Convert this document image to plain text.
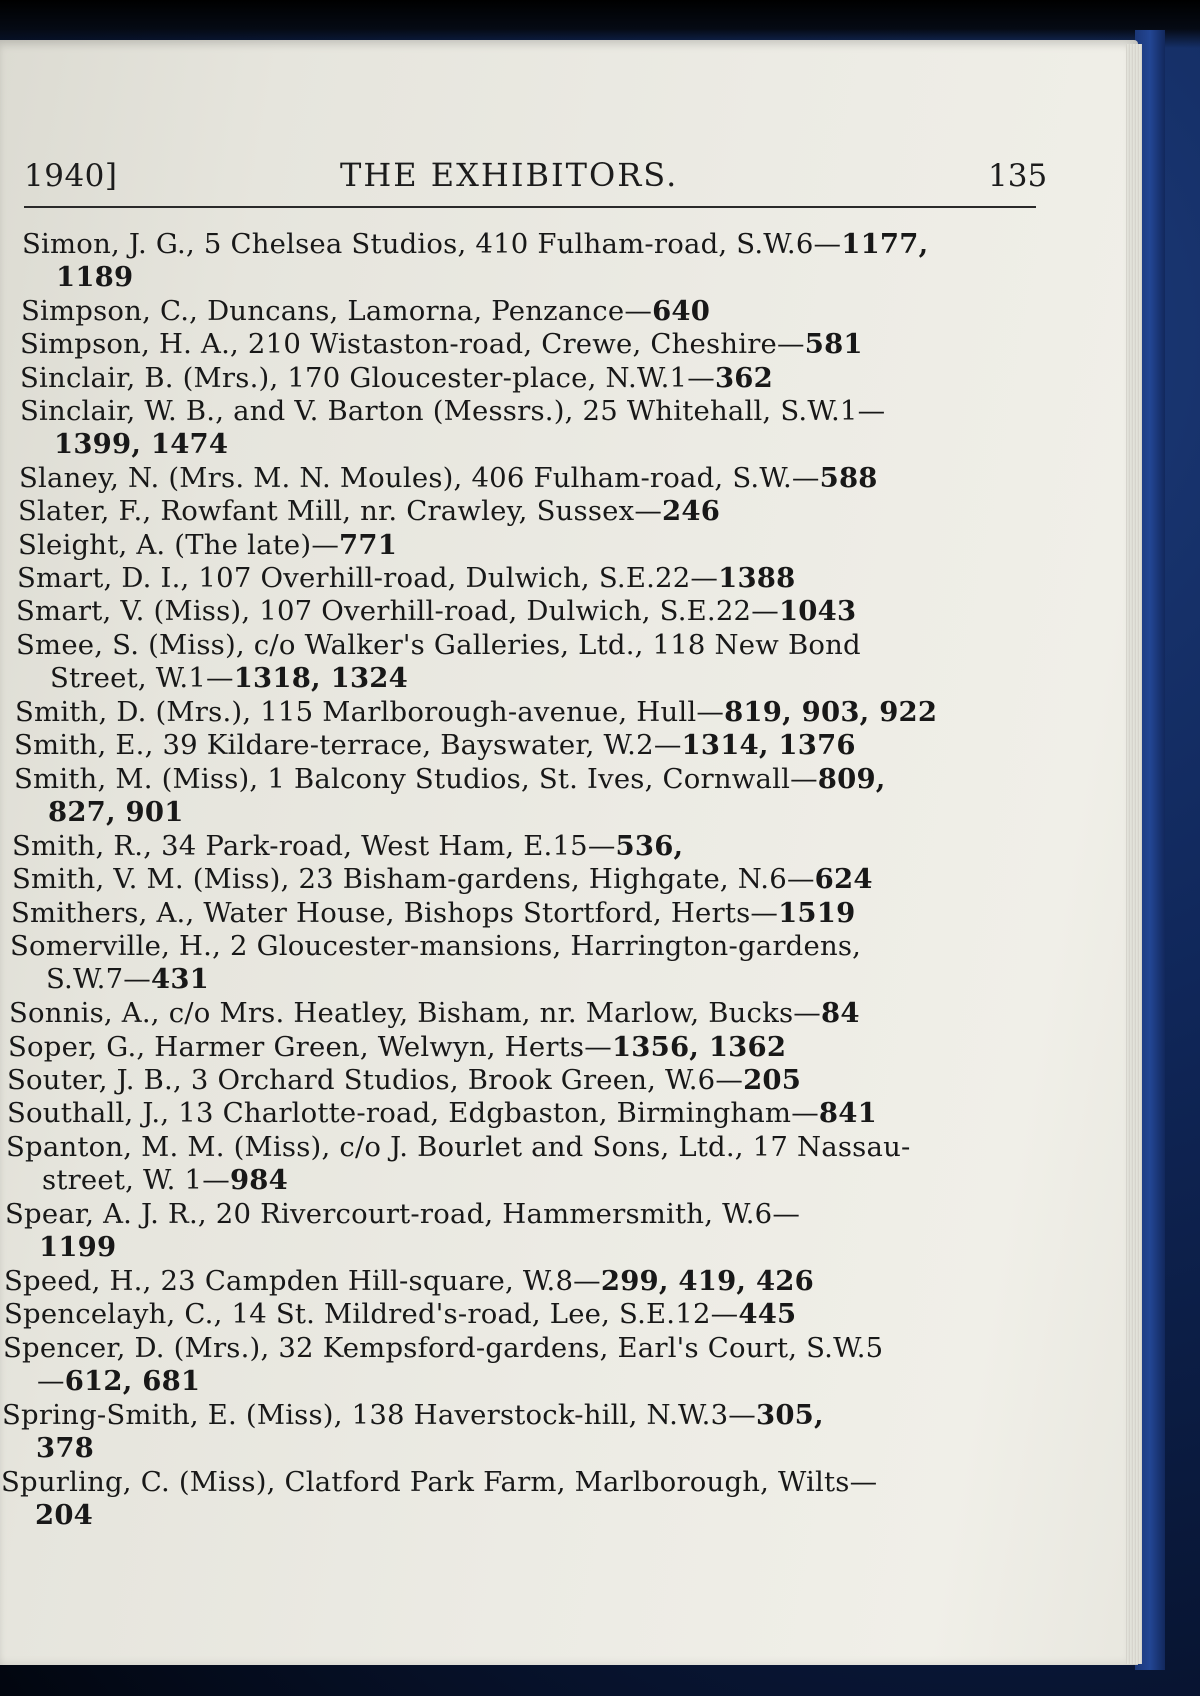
1940]	THE EXHIBITORS.	135
Simon, J. G., 5 Chelsea Studios, 410 Fulham-road, S.W.6—1177,
1189
Simpson, C., Duncans, Lamorna, Penzance—640
Simpson, H. A., 210 Wistaston-road, Crewe, Cheshire—581
Sinclair, B. (Mrs.), 170 Gloucester-place, N.W.1—362
Sinclair, W. B., and V. Barton (Messrs.), 25 Whitehall, S.W.1—
1399, 1474
Slaney, N. (Mrs. M. N. Moules), 406 Fulham-road, S.W.—588
Slater, F., Rowfant Mill, nr. Crawley, Sussex—246
Sleight, A. (The late)—771
Smart, D. I., 107 Overhill-road, Dulwich, S.E.22—1388
Smart, V. (Miss), 107 Overhill-road, Dulwich, S.E.22—1043
Smee, S. (Miss), c/o Walker's Galleries, Ltd., 118 New Bond
Street, W.1—1318, 1324
Smith, D. (Mrs.), 115 Marlborough-avenue, Hull—819, 903, 922
Smith, E., 39 Kildare-terrace, Bayswater, W.2—1314, 1376
Smith, M. (Miss), 1 Balcony Studios, St. Ives, Cornwall—809,
827, 901
Smith, R., 34 Park-road, West Ham, E.15—536,
Smith, V. M. (Miss), 23 Bisham-gardens, Highgate, N.6—624
Smithers, A., Water House, Bishops Stortford, Herts—1519
Somerville, H., 2 Gloucester-mansions, Harrington-gardens,
S.W.7—431
Sonnis, A., c/o Mrs. Heatley, Bisham, nr. Marlow, Bucks—84
Soper, G., Harmer Green, Welwyn, Herts—1356, 1362
Souter, J. B., 3 Orchard Studios, Brook Green, W.6—205
Southall, J., 13 Charlotte-road, Edgbaston, Birmingham—841
Spanton, M. M. (Miss), c/o J. Bourlet and Sons, Ltd., 17 Nassau-
street, W. 1—984
Spear, A. J. R., 20 Rivercourt-road, Hammersmith, W.6—
1199
Speed, H., 23 Campden Hill-square, W.8—299, 419, 426
Spencelayh, C., 14 St. Mildred's-road, Lee, S.E.12—445
Spencer, D. (Mrs.), 32 Kempsford-gardens, Earl's Court, S.W.5
—612, 681
Spring-Smith, E. (Miss), 138 Haverstock-hill, N.W.3—305,
378
Spurling, C. (Miss), Clatford Park Farm, Marlborough, Wilts—
204
